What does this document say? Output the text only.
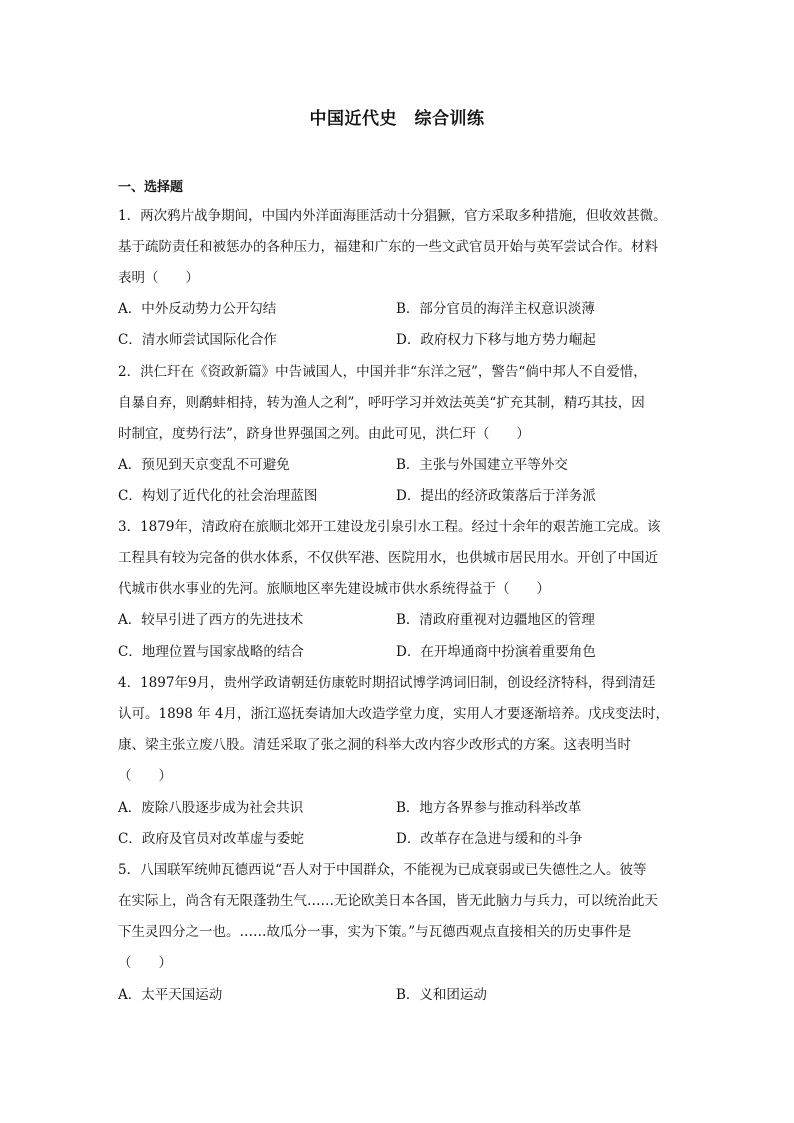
中国近代史　综合训练
一、选择题
1．两次鸦片战争期间，中国内外洋面海匪活动十分猖獗，官方采取多种措施，但收效甚微。
基于疏防责任和被惩办的各种压力，福建和广东的一些文武官员开始与英军尝试合作。材料
表明（　　）
A．中外反动势力公开勾结	B．部分官员的海洋主权意识淡薄
C．清水师尝试国际化合作	D．政府权力下移与地方势力崛起
2．洪仁玕在《资政新篇》中告诫国人，中国并非“东洋之冠”，警告“倘中邦人不自爱惜，
自暴自弃，则鹬蚌相持，转为渔人之利”，呼吁学习并效法英美“扩充其制，精巧其技，因
时制宜，度势行法”，跻身世界强国之列。由此可见，洪仁玕（　　）
A．预见到天京变乱不可避免	B．主张与外国建立平等外交
C．构划了近代化的社会治理蓝图	D．提出的经济政策落后于洋务派
3．1879年，清政府在旅顺北郊开工建设龙引泉引水工程。经过十余年的艰苦施工完成。该
工程具有较为完备的供水体系，不仅供军港、医院用水，也供城市居民用水。开创了中国近
代城市供水事业的先河。旅顺地区率先建设城市供水系统得益于（　　）
A．较早引进了西方的先进技术	B．清政府重视对边疆地区的管理
C．地理位置与国家战略的结合	D．在开埠通商中扮演着重要角色
4．1897年9月，贵州学政请朝廷仿康乾时期招试博学鸿词旧制，创设经济特科，得到清廷
认可。1898 年 4月，浙江巡抚奏请加大改造学堂力度，实用人才要逐渐培养。戊戌变法时，
康、梁主张立废八股。清廷采取了张之洞的科举大改内容少改形式的方案。这表明当时
（　　）
A．废除八股逐步成为社会共识	B．地方各界参与推动科举改革
C．政府及官员对改革虚与委蛇	D．改革存在急进与缓和的斗争
5．八国联军统帅瓦德西说“吾人对于中国群众，不能视为已成衰弱或已失德性之人。彼等
在实际上，尚含有无限蓬勃生气……无论欧美日本各国，皆无此脑力与兵力，可以统治此天
下生灵四分之一也。……故瓜分一事，实为下策。”与瓦德西观点直接相关的历史事件是
（　　）
A．太平天国运动	B．义和团运动
